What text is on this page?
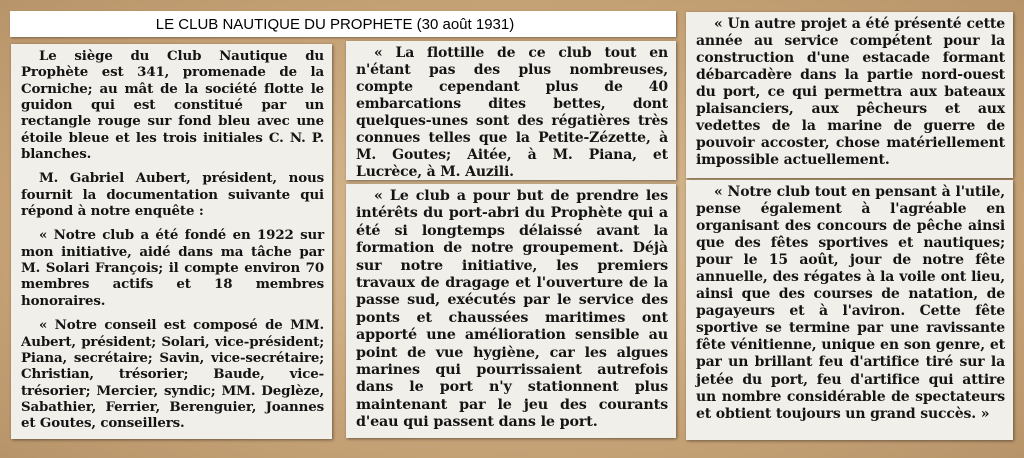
LE CLUB NAUTIQUE DU PROPHETE (30 août 1931)

Le siège du Club Nautique du Prophète est 341, promenade de la Corniche; au mât de la société flotte le guidon qui est constitué par un rectangle rouge sur fond bleu avec une étoile bleue et les trois initiales C. N. P. blanches.

M. Gabriel Aubert, président, nous fournit la documentation suivante qui répond à notre enquête :

« Notre club a été fondé en 1922 sur mon initiative, aidé dans ma tâche par M. Solari François; il compte environ 70 membres actifs et 18 membres honoraires.

« Notre conseil est composé de MM. Aubert, président; Solari, vice-président; Piana, secrétaire; Savin, vice-secrétaire; Christian, trésorier; Baude, vice-trésorier; Mercier, syndic; MM. Deglèze, Sabathier, Ferrier, Berenguier, Joannes et Goutes, conseillers.

« La flottille de ce club tout en n'étant pas des plus nombreuses, compte cependant plus de 40 embarcations dites bettes, dont quelques-unes sont des régatières très connues telles que la Petite-Zézette, à M. Goutes; Aitée, à M. Piana, et Lucrèce, à M. Auzili.

« Le club a pour but de prendre les intérêts du port-abri du Prophète qui a été si longtemps délaissé avant la formation de notre groupement. Déjà sur notre initiative, les premiers travaux de dragage et l'ouverture de la passe sud, exécutés par le service des ponts et chaussées maritimes ont apporté une amélioration sensible au point de vue hygiène, car les algues marines qui pourrissaient autrefois dans le port n'y stationnent plus maintenant par le jeu des courants d'eau qui passent dans le port.

« Un autre projet a été présenté cette année au service compétent pour la construction d'une estacade formant débarcadère dans la partie nord-ouest du port, ce qui permettra aux bateaux plaisanciers, aux pêcheurs et aux vedettes de la marine de guerre de pouvoir accoster, chose matériellement impossible actuellement.

« Notre club tout en pensant à l'utile, pense également à l'agréable en organisant des concours de pêche ainsi que des fêtes sportives et nautiques; pour le 15 août, jour de notre fête annuelle, des régates à la voile ont lieu, ainsi que des courses de natation, de pagayeurs et à l'aviron. Cette fête sportive se termine par une ravissante fête vénitienne, unique en son genre, et par un brillant feu d'artifice tiré sur la jetée du port, feu d'artifice qui attire un nombre considérable de spectateurs et obtient toujours un grand succès. »
